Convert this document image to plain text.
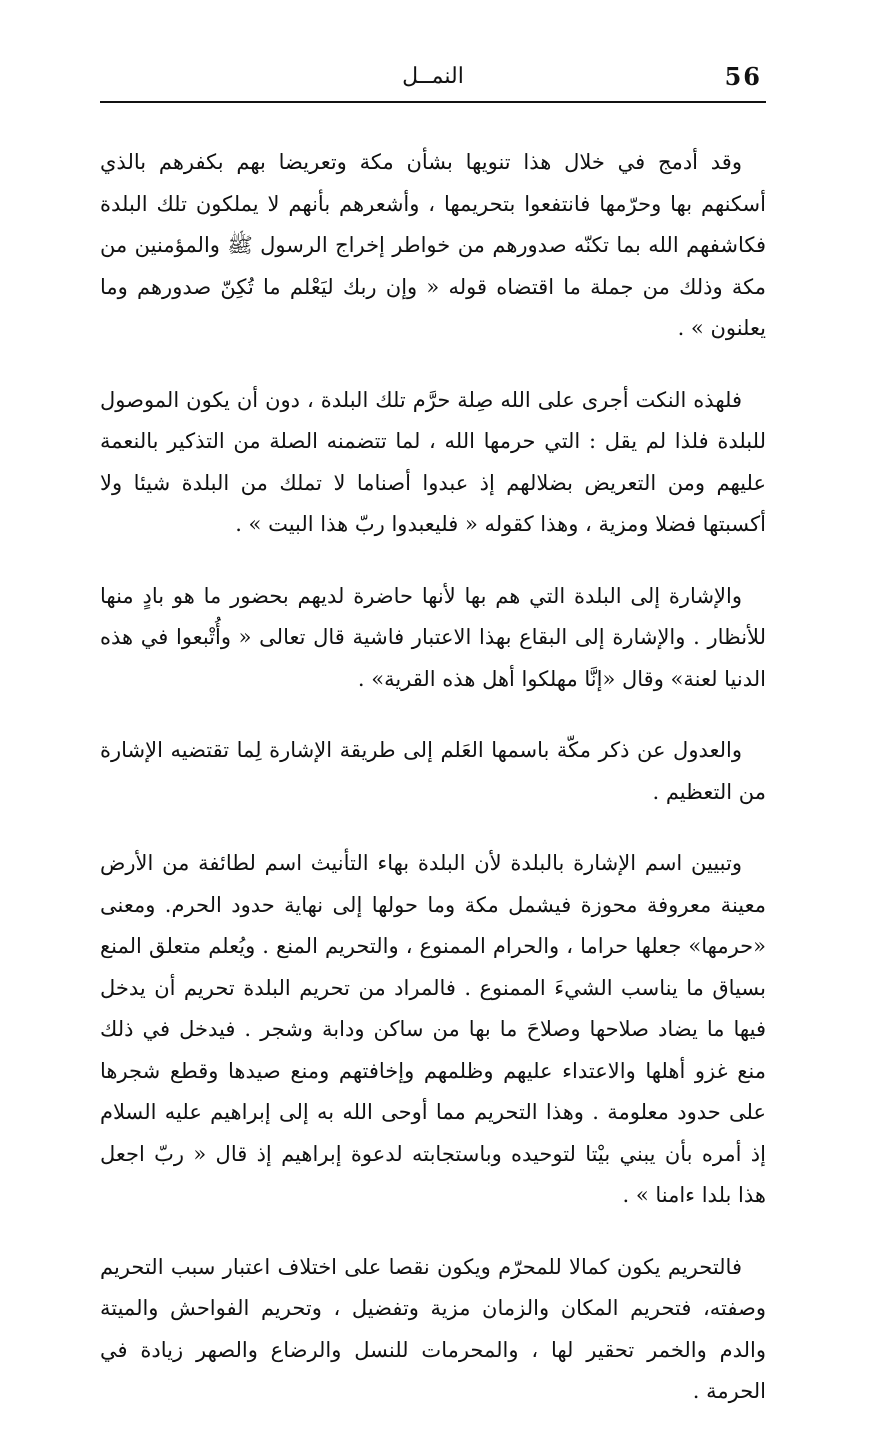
56
النمــل

وقد أدمج في خلال هذا تنويها بشأن مكة وتعريضا بهم بكفرهم بالذي أسكنهم بها وحرّمها فانتفعوا بتحريمها ، وأشعرهم بأنهم لا يملكون تلك البلدة فكاشفهم الله بما تكنّه صدورهم من خواطر إخراج الرسول ﷺ والمؤمنين من مكة وذلك من جملة ما اقتضاه قوله « وإن ربك ليَعْلم ما تُكِنّ صدورهم وما يعلنون » .

فلهذه النكت أجرى على الله صِلة حرَّم تلك البلدة ، دون أن يكون الموصول للبلدة فلذا لم يقل : التي حرمها الله ، لما تتضمنه الصلة من التذكير بالنعمة عليهم ومن التعريض بضلالهم إذ عبدوا أصناما لا تملك من البلدة شيئا ولا أكسبتها فضلا ومزية ، وهذا كقوله « فليعبدوا ربّ هذا البيت » .

والإشارة إلى البلدة التي هم بها لأنها حاضرة لديهم بحضور ما هو بادٍ منها للأنظار . والإشارة إلى البقاع بهذا الاعتبار فاشية قال تعالى « وأُتْبعوا في هذه الدنيا لعنة» وقال «إنَّا مهلكوا أهل هذه القرية» .

والعدول عن ذكر مكّة باسمها العَلم إلى طريقة الإشارة لِما تقتضيه الإشارة من التعظيم .

وتبيين اسم الإشارة بالبلدة لأن البلدة بهاء التأنيث اسم لطائفة من الأرض معينة معروفة محوزة فيشمل مكة وما حولها إلى نهاية حدود الحرم. ومعنى «حرمها» جعلها حراما ، والحرام الممنوع ، والتحريم المنع . ويُعلم متعلق المنع بسياق ما يناسب الشيءَ الممنوع . فالمراد من تحريم البلدة تحريم أن يدخل فيها ما يضاد صلاحها وصلاحَ ما بها من ساكن ودابة وشجر . فيدخل في ذلك منع غزو أهلها والاعتداء عليهم وظلمهم وإخافتهم ومنع صيدها وقطع شجرها على حدود معلومة . وهذا التحريم مما أوحى الله به إلى إبراهيم عليه السلام إذ أمره بأن يبني بيْتا لتوحيده وباستجابته لدعوة إبراهيم إذ قال « ربّ اجعل هذا بلدا ءامنا » .

فالتحريم يكون كمالا للمحرّم ويكون نقصا على اختلاف اعتبار سبب التحريم وصفته، فتحريم المكان والزمان مزية وتفضيل ، وتحريم الفواحش والميتة والدم والخمر تحقير لها ، والمحرمات للنسل والرضاع والصهر زيادة في الحرمة .
